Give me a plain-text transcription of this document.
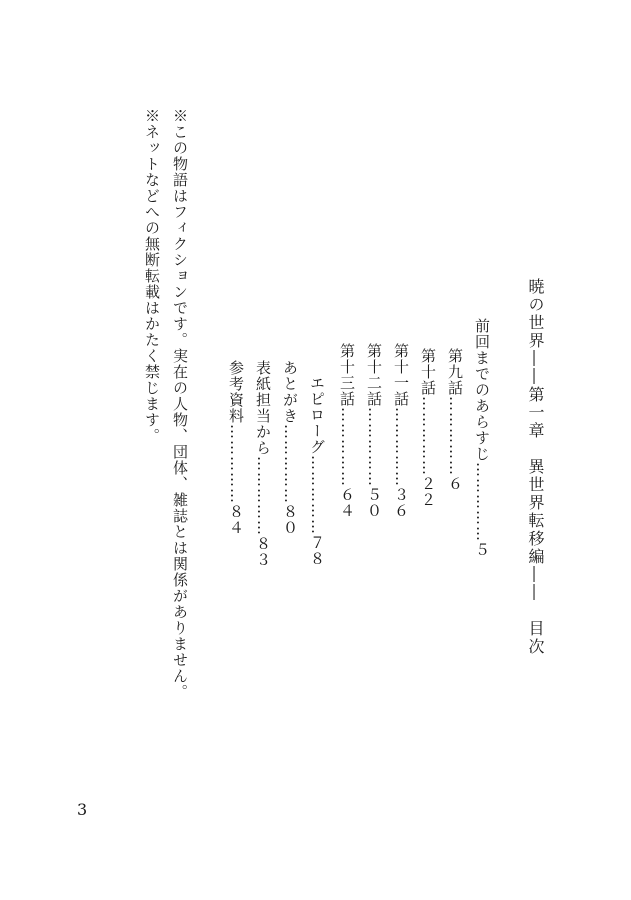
暁の世界――第一章　異世界転移編――　目次
前回までのあらすじ……………５
第九話……………６
第十話……………２２
第十一話……………３６
第十二話……………５０
第十三話……………６４
エピローグ……………７８
あとがき……………８０
表紙担当から……………８３
参考資料……………８４
※この物語はフィクションです。実在の人物、団体、雑誌とは関係がありません。
※ネットなどへの無断転載はかたく禁じます。
3
